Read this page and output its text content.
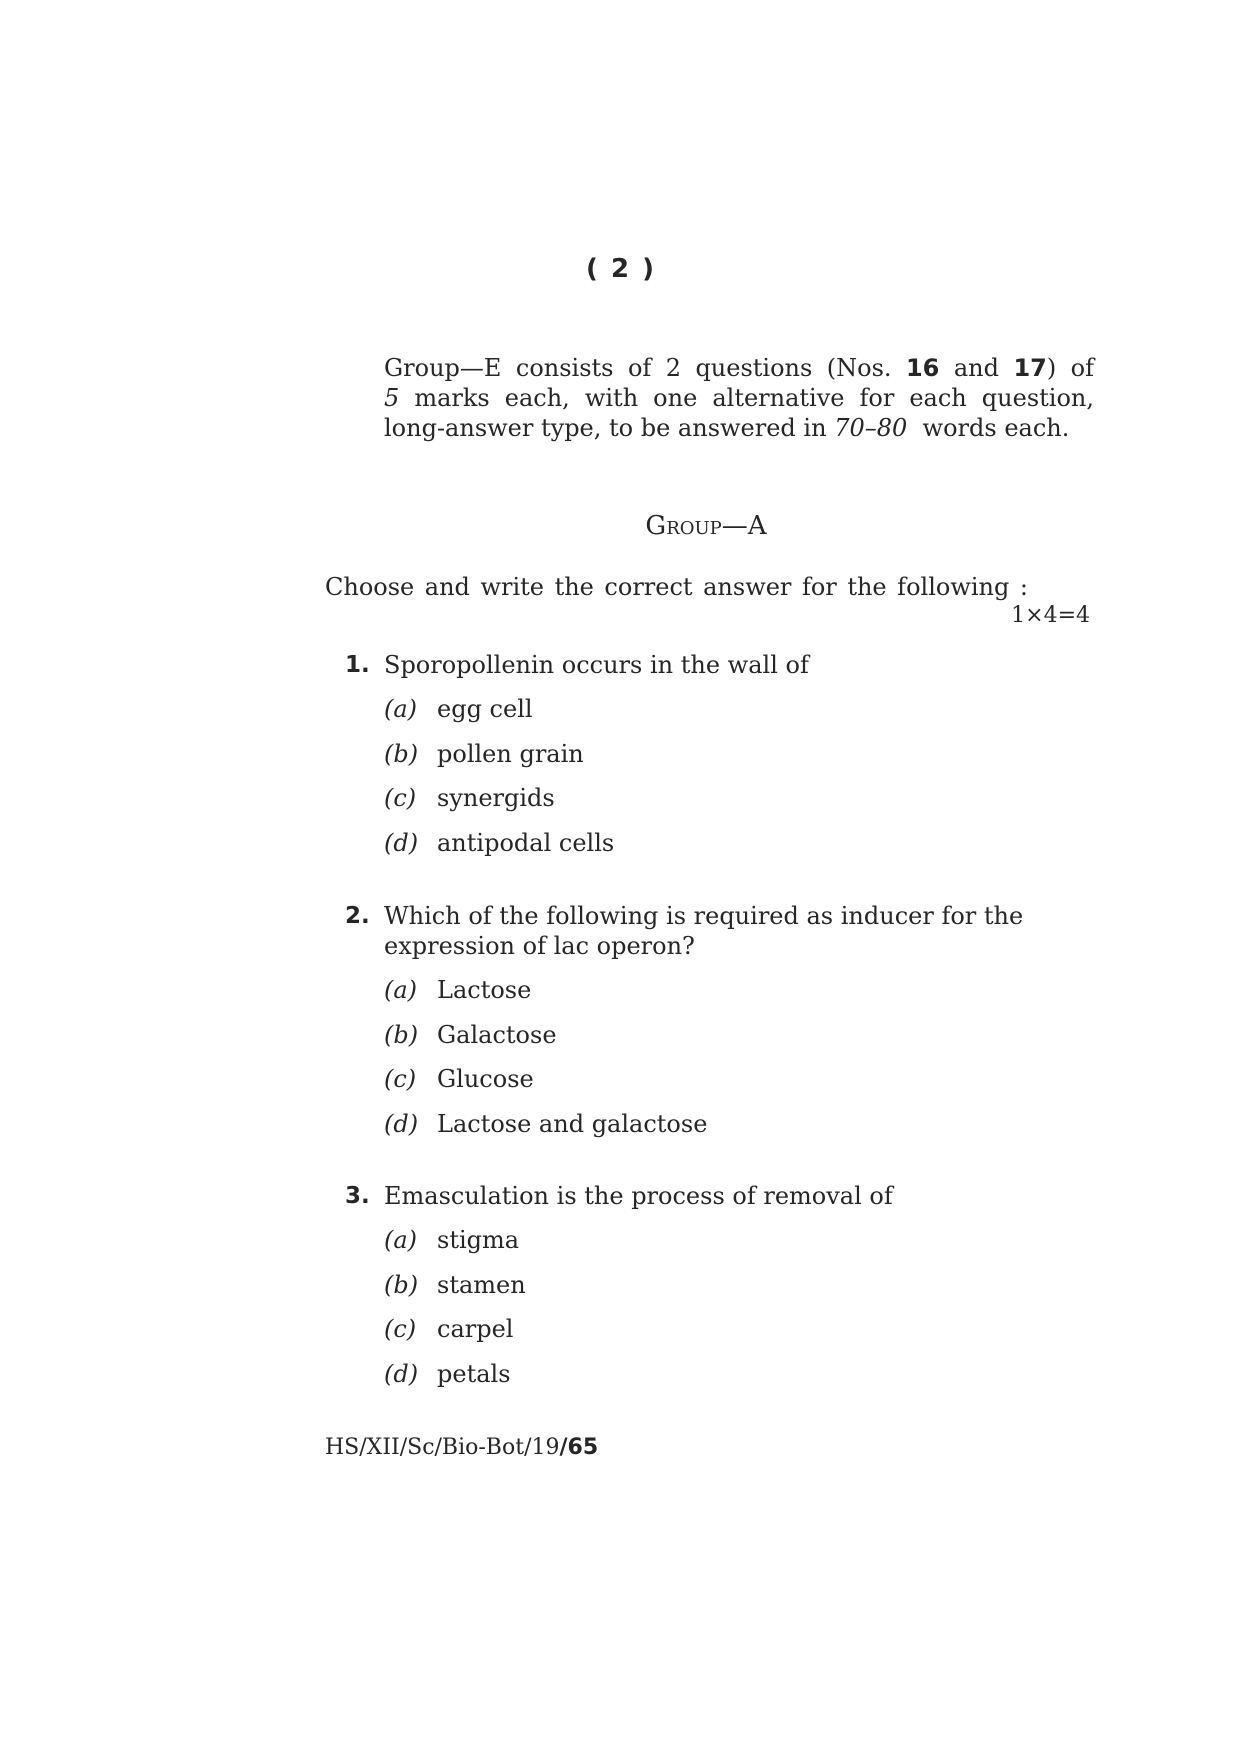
( 2 )
Group—E consists of 2 questions (Nos. 16 and 17) of
5 marks each, with one alternative for each question,
long-answer type, to be answered in 70–80 words each.
Group—A
Choose and write the correct answer for the following :
1×4=4
1. Sporopollenin occurs in the wall of
(a) egg cell
(b) pollen grain
(c) synergids
(d) antipodal cells
2. Which of the following is required as inducer for the expression of lac operon?
(a) Lactose
(b) Galactose
(c) Glucose
(d) Lactose and galactose
3. Emasculation is the process of removal of
(a) stigma
(b) stamen
(c) carpel
(d) petals
HS/XII/Sc/Bio-Bot/19/65
